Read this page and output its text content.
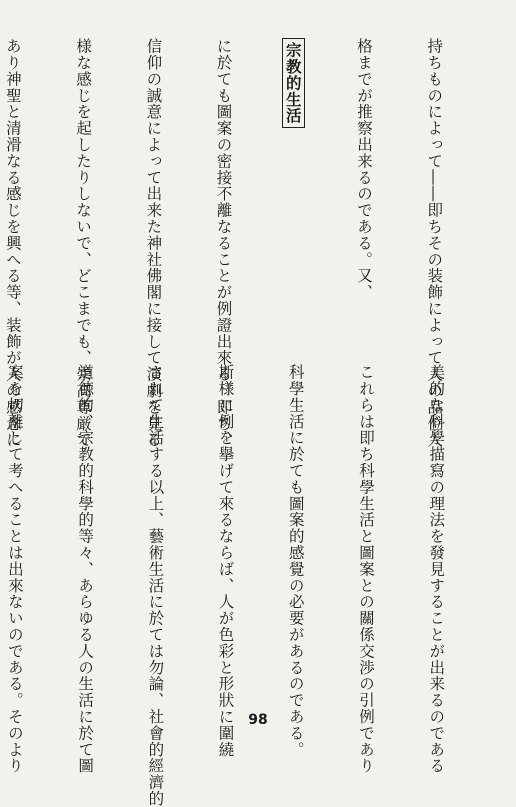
持ちものによって――即ちその装飾によって人の品位人

格までが推察出来るのである。又、

宗教的生活

に於ても圖案の密接不離なることが例證出來る。即ち、

信仰の誠意によって出来た神社佛閣に接して演劇を見る

様な感じを起したりしないで、どこまでも、崇高尊厳で

あり神聖と清滑なる感じを興へる等、装飾が人の感念に

美的な科學描寫の理法を發見することが出来るのである

これらは即ち科學生活と圖案との關係交渉の引例であり

科學生活に於ても圖案的感覺の必要があるのである。

斯様に例を擧げて來るならば、人が色彩と形狀に圍繞

されて生活する以上、藝術生活に於ては勿論、社會的經濟的

道徳的、宗教的科學的等々、あらゆる人の生活に於て圖

案を切離して考へることは出來ないのである。そのより

	98
